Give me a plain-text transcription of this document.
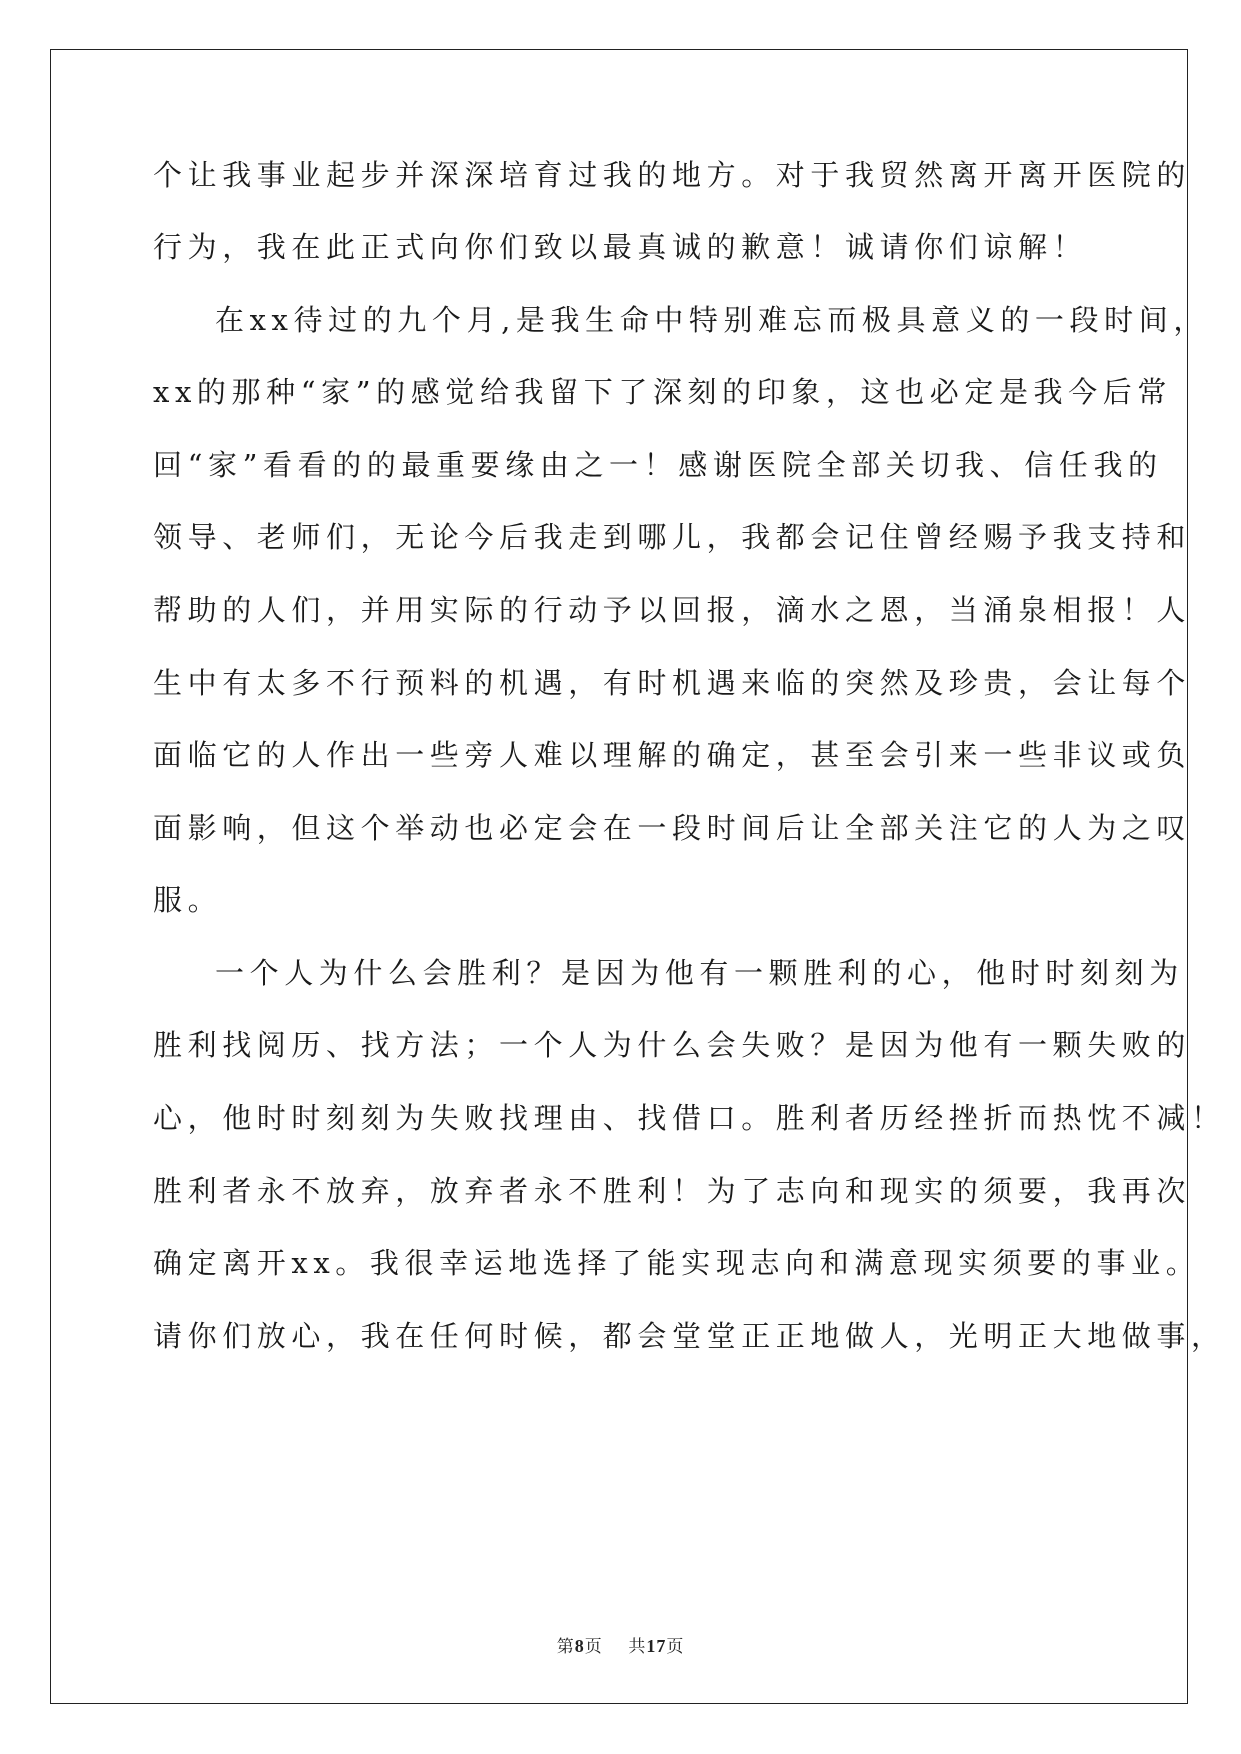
个让我事业起步并深深培育过我的地方。对于我贸然离开离开医院的
行为，我在此正式向你们致以最真诚的歉意！诚请你们谅解！
在xx待过的九个月,是我生命中特别难忘而极具意义的一段时间，
xx的那种“家”的感觉给我留下了深刻的印象，这也必定是我今后常
回“家”看看的的最重要缘由之一！感谢医院全部关切我、信任我的
领导、老师们，无论今后我走到哪儿，我都会记住曾经赐予我支持和
帮助的人们，并用实际的行动予以回报，滴水之恩，当涌泉相报！人
生中有太多不行预料的机遇，有时机遇来临的突然及珍贵，会让每个
面临它的人作出一些旁人难以理解的确定，甚至会引来一些非议或负
面影响，但这个举动也必定会在一段时间后让全部关注它的人为之叹
服。
一个人为什么会胜利？是因为他有一颗胜利的心，他时时刻刻为
胜利找阅历、找方法；一个人为什么会失败？是因为他有一颗失败的
心，他时时刻刻为失败找理由、找借口。胜利者历经挫折而热忱不减！
胜利者永不放弃，放弃者永不胜利！为了志向和现实的须要，我再次
确定离开xx。我很幸运地选择了能实现志向和满意现实须要的事业。
请你们放心，我在任何时候，都会堂堂正正地做人，光明正大地做事，
第8页 共17页
